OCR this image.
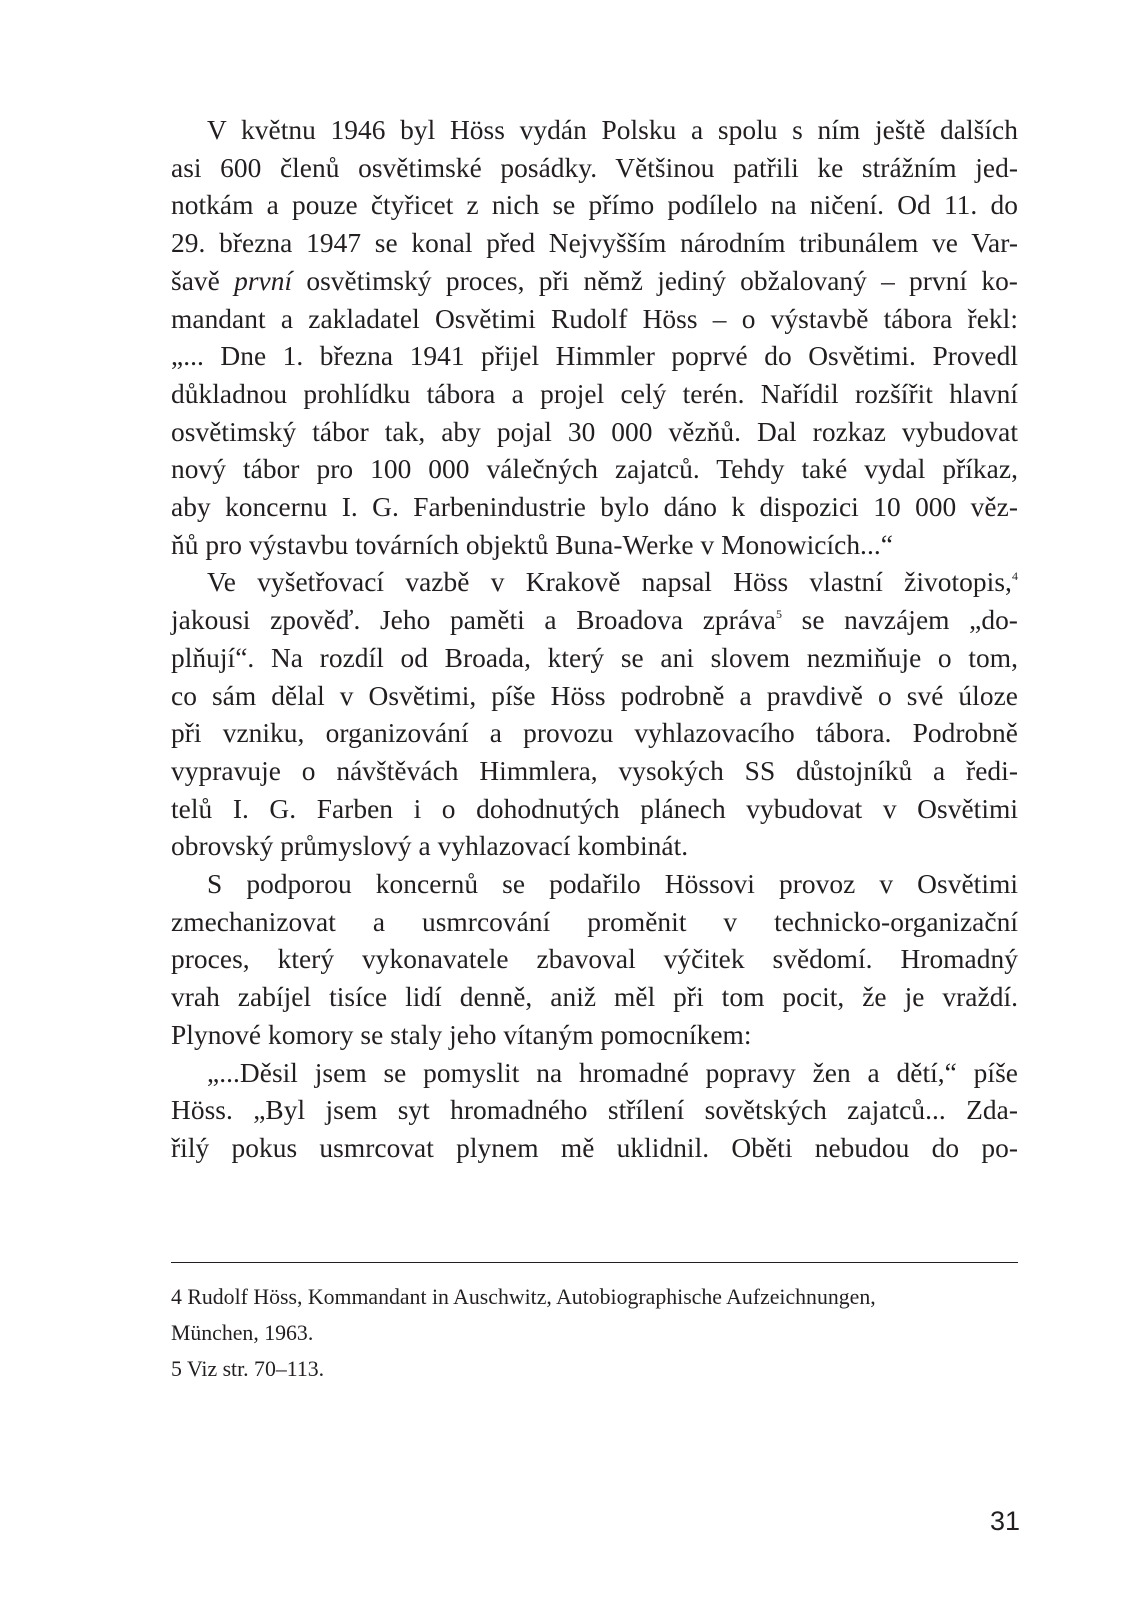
V květnu 1946 byl Höss vydán Polsku a spolu s ním ještě dalších
asi 600 členů osvětimské posádky. Většinou patřili ke strážním jed-
notkám a pouze čtyřicet z nich se přímo podílelo na ničení. Od 11. do
29. března 1947 se konal před Nejvyšším národním tribunálem ve Var-
šavě první osvětimský proces, při němž jediný obžalovaný – první ko-
mandant a zakladatel Osvětimi Rudolf Höss – o výstavbě tábora řekl:
„... Dne 1. března 1941 přijel Himmler poprvé do Osvětimi. Provedl
důkladnou prohlídku tábora a projel celý terén. Nařídil rozšířit hlavní
osvětimský tábor tak, aby pojal 30 000 vězňů. Dal rozkaz vybudovat
nový tábor pro 100 000 válečných zajatců. Tehdy také vydal příkaz,
aby koncernu I. G. Farbenindustrie bylo dáno k dispozici 10 000 věz-
ňů pro výstavbu továrních objektů Buna-Werke v Monowicích...“
Ve vyšetřovací vazbě v Krakově napsal Höss vlastní životopis,$^4$
jakousi zpověď. Jeho paměti a Broadova zpráva$^5$ se navzájem „do-
plňují“. Na rozdíl od Broada, který se ani slovem nezmiňuje o tom,
co sám dělal v Osvětimi, píše Höss podrobně a pravdivě o své úloze
při vzniku, organizování a provozu vyhlazovacího tábora. Podrobně
vypravuje o návštěvách Himmlera, vysokých SS důstojníků a ředi-
telů I. G. Farben i o dohodnutých plánech vybudovat v Osvětimi
obrovský průmyslový a vyhlazovací kombinát.
S podporou koncernů se podařilo Hössovi provoz v Osvětimi
zmechanizovat a usmrcování proměnit v technicko-organizační
proces, který vykonavatele zbavoval výčitek svědomí. Hromadný
vrah zabíjel tisíce lidí denně, aniž měl při tom pocit, že je vraždí.
Plynové komory se staly jeho vítaným pomocníkem:
„...Děsil jsem se pomyslit na hromadné popravy žen a dětí,“ píše
Höss. „Byl jsem syt hromadného střílení sovětských zajatců... Zda-
řilý pokus usmrcovat plynem mě uklidnil. Oběti nebudou do po-
4 Rudolf Höss, Kommandant in Auschwitz, Autobiographische Aufzeichnungen,
München, 1963.
5 Viz str. 70–113.
31
